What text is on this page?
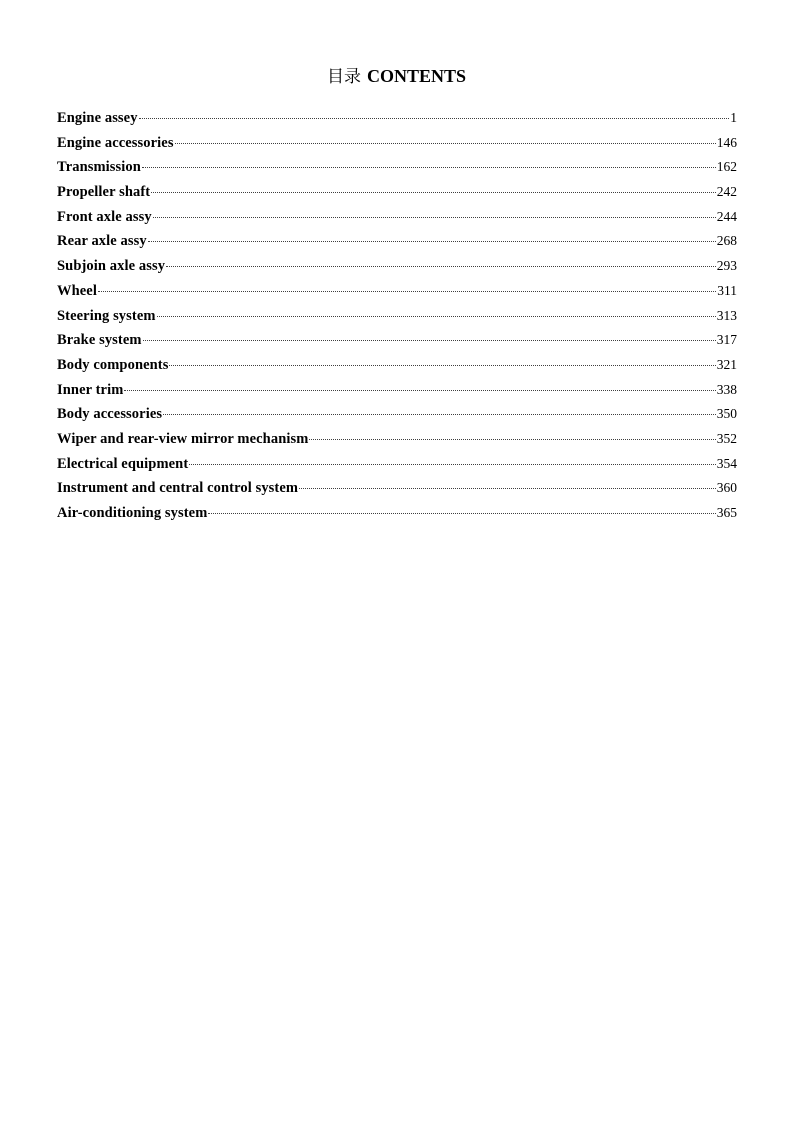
目录 CONTENTS
Engine assey	1
Engine accessories	146
Transmission	162
Propeller shaft	242
Front axle assy	244
Rear axle assy	268
Subjoin axle assy	293
Wheel	311
Steering system	313
Brake system	317
Body components	321
Inner trim	338
Body accessories	350
Wiper and rear-view mirror mechanism	352
Electrical equipment	354
Instrument and central control system	360
Air-conditioning system	365
